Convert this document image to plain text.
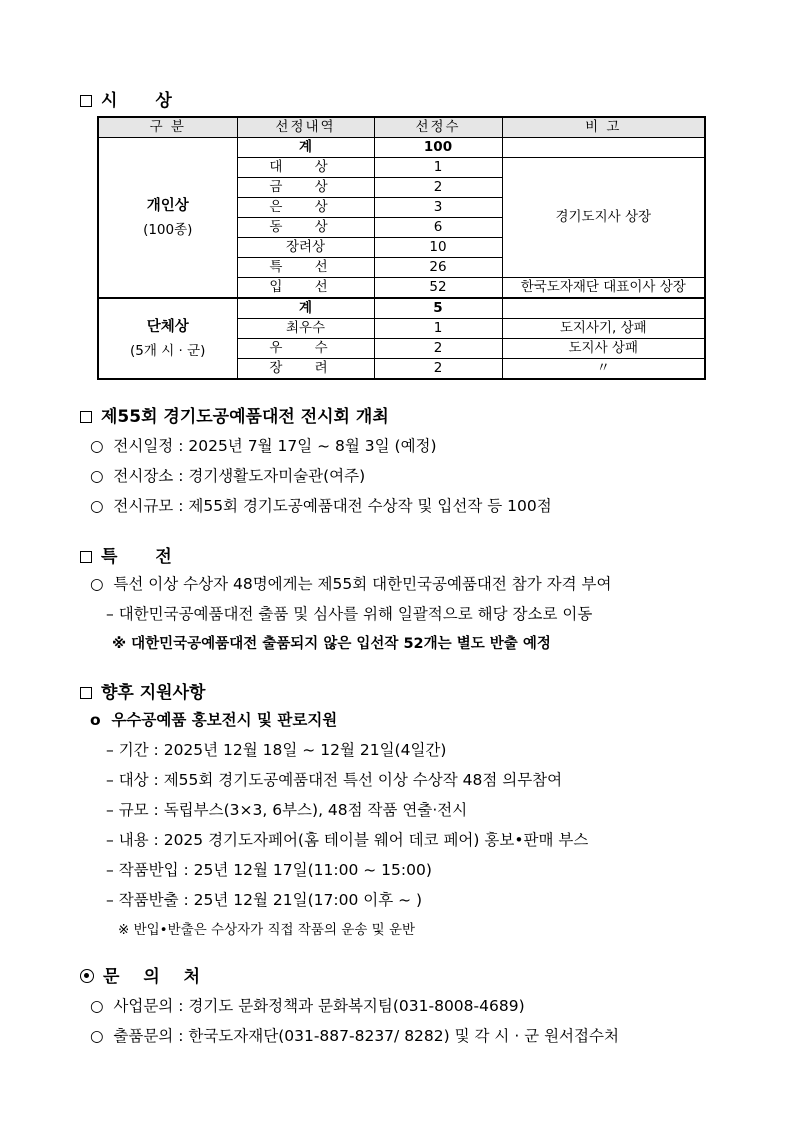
시 상
구 분	선정내역	선정수	비 고

개인상
(100종)	계	100	
	대 상	1	경기도지사 상장
	금 상	2	
	은 상	3	
	동 상	6	
	장려상	10	
	특 선	26	
	입 선	52	한국도자재단 대표이사 상장

단체상
(5개 시 · 군)	계	5	
	최우수	1	도지사기, 상패
	우 수	2	도지사 상패
	장 려	2	〃
제55회 경기도공예품대전 전시회 개최
○ 전시일정 : 2025년 7월 17일 ~ 8월 3일 (예정)
○ 전시장소 : 경기생활도자미술관(여주)
○ 전시규모 : 제55회 경기도공예품대전 수상작 및 입선작 등 100점
특 전
○ 특선 이상 수상자 48명에게는 제55회 대한민국공예품대전 참가 자격 부여
– 대한민국공예품대전 출품 및 심사를 위해 일괄적으로 해당 장소로 이동
※ 대한민국공예품대전 출품되지 않은 입선작 52개는 별도 반출 예정
향후 지원사항
o 우수공예품 홍보전시 및 판로지원
– 기간 : 2025년 12월 18일 ~ 12월 21일(4일간)
– 대상 : 제55회 경기도공예품대전 특선 이상 수상작 48점 의무참여
– 규모 : 독립부스(3×3, 6부스), 48점 작품 연출·전시
– 내용 : 2025 경기도자페어(홈 테이블 웨어 데코 페어) 홍보•판매 부스
– 작품반입 : 25년 12월 17일(11:00 ~ 15:00)
– 작품반출 : 25년 12월 21일(17:00 이후 ~ )
※ 반입•반출은 수상자가 직접 작품의 운송 및 운반
문 의 처
○ 사업문의 : 경기도 문화정책과 문화복지팀(031-8008-4689)
○ 출품문의 : 한국도자재단(031-887-8237/ 8282) 및 각 시 · 군 원서접수처
